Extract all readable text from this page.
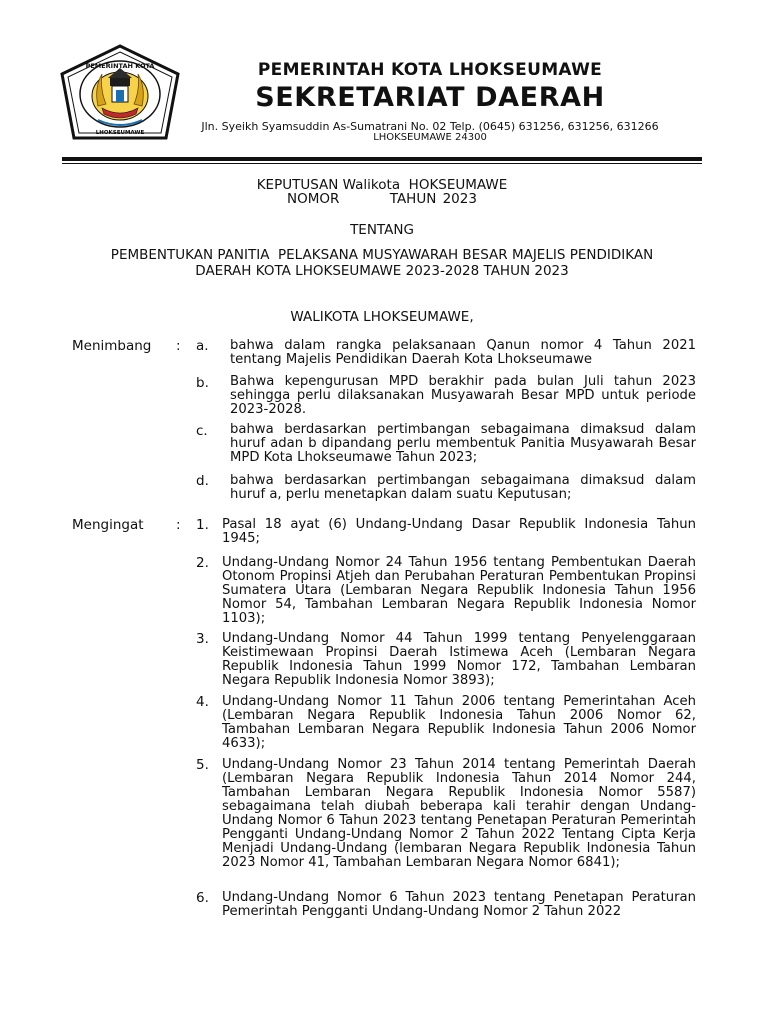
PEMERINTAH KOTA
LHOKSEUMAWE
PEMERINTAH KOTA LHOKSEUMAWE
SEKRETARIAT DAERAH
Jln. Syeikh Syamsuddin As-Sumatrani No. 02 Telp. (0645) 631256, 631256, 631266
LHOKSEUMAWE 24300
KEPUTUSAN Walikota  HOKSEUMAWE
NOMOR        TAHUN 2023
TENTANG
PEMBENTUKAN PANITIA  PELAKSANA MUSYAWARAH BESAR MAJELIS PENDIDIKAN
DAERAH KOTA LHOKSEUMAWE 2023-2028 TAHUN 2023
WALIKOTA LHOKSEUMAWE,
Menimbang : a. bahwa dalam rangka pelaksanaan Qanun nomor 4 Tahun 2021 tentang Majelis Pendidikan Daerah Kota Lhokseumawe
b. Bahwa kepengurusan MPD berakhir pada bulan Juli tahun 2023 sehingga perlu dilaksanakan Musyawarah Besar MPD untuk periode 2023-2028.
c. bahwa berdasarkan pertimbangan sebagaimana dimaksud dalam huruf adan b dipandang perlu membentuk Panitia Musyawarah Besar MPD Kota Lhokseumawe Tahun 2023;
d. bahwa berdasarkan pertimbangan sebagaimana dimaksud dalam huruf a, perlu menetapkan dalam suatu Keputusan;
Mengingat : 1. Pasal 18 ayat (6) Undang-Undang Dasar Republik Indonesia Tahun 1945;
2. Undang-Undang Nomor 24 Tahun 1956 tentang Pembentukan Daerah Otonom Propinsi Atjeh dan Perubahan Peraturan Pembentukan Propinsi Sumatera Utara (Lembaran Negara Republik Indonesia Tahun 1956 Nomor 54, Tambahan Lembaran Negara Republik Indonesia Nomor 1103);
3. Undang-Undang Nomor 44 Tahun 1999 tentang Penyelenggaraan Keistimewaan Propinsi Daerah Istimewa Aceh (Lembaran Negara Republik Indonesia Tahun 1999 Nomor 172, Tambahan Lembaran Negara Republik Indonesia Nomor 3893);
4. Undang-Undang Nomor 11 Tahun 2006 tentang Pemerintahan Aceh (Lembaran Negara Republik Indonesia Tahun 2006 Nomor 62, Tambahan Lembaran Negara Republik Indonesia Tahun 2006 Nomor 4633);
5. Undang-Undang Nomor 23 Tahun 2014 tentang Pemerintah Daerah (Lembaran Negara Republik Indonesia Tahun 2014 Nomor 244, Tambahan Lembaran Negara Republik Indonesia Nomor 5587) sebagaimana telah diubah beberapa kali terahir dengan Undang-Undang Nomor 6 Tahun 2023 tentang Penetapan Peraturan Pemerintah Pengganti Undang-Undang Nomor 2 Tahun 2022 Tentang Cipta Kerja Menjadi Undang-Undang (lembaran Negara Republik Indonesia Tahun 2023 Nomor 41, Tambahan Lembaran Negara Nomor 6841);
6. Undang-Undang Nomor 6 Tahun 2023 tentang Penetapan Peraturan Pemerintah Pengganti Undang-Undang Nomor 2 Tahun 2022
